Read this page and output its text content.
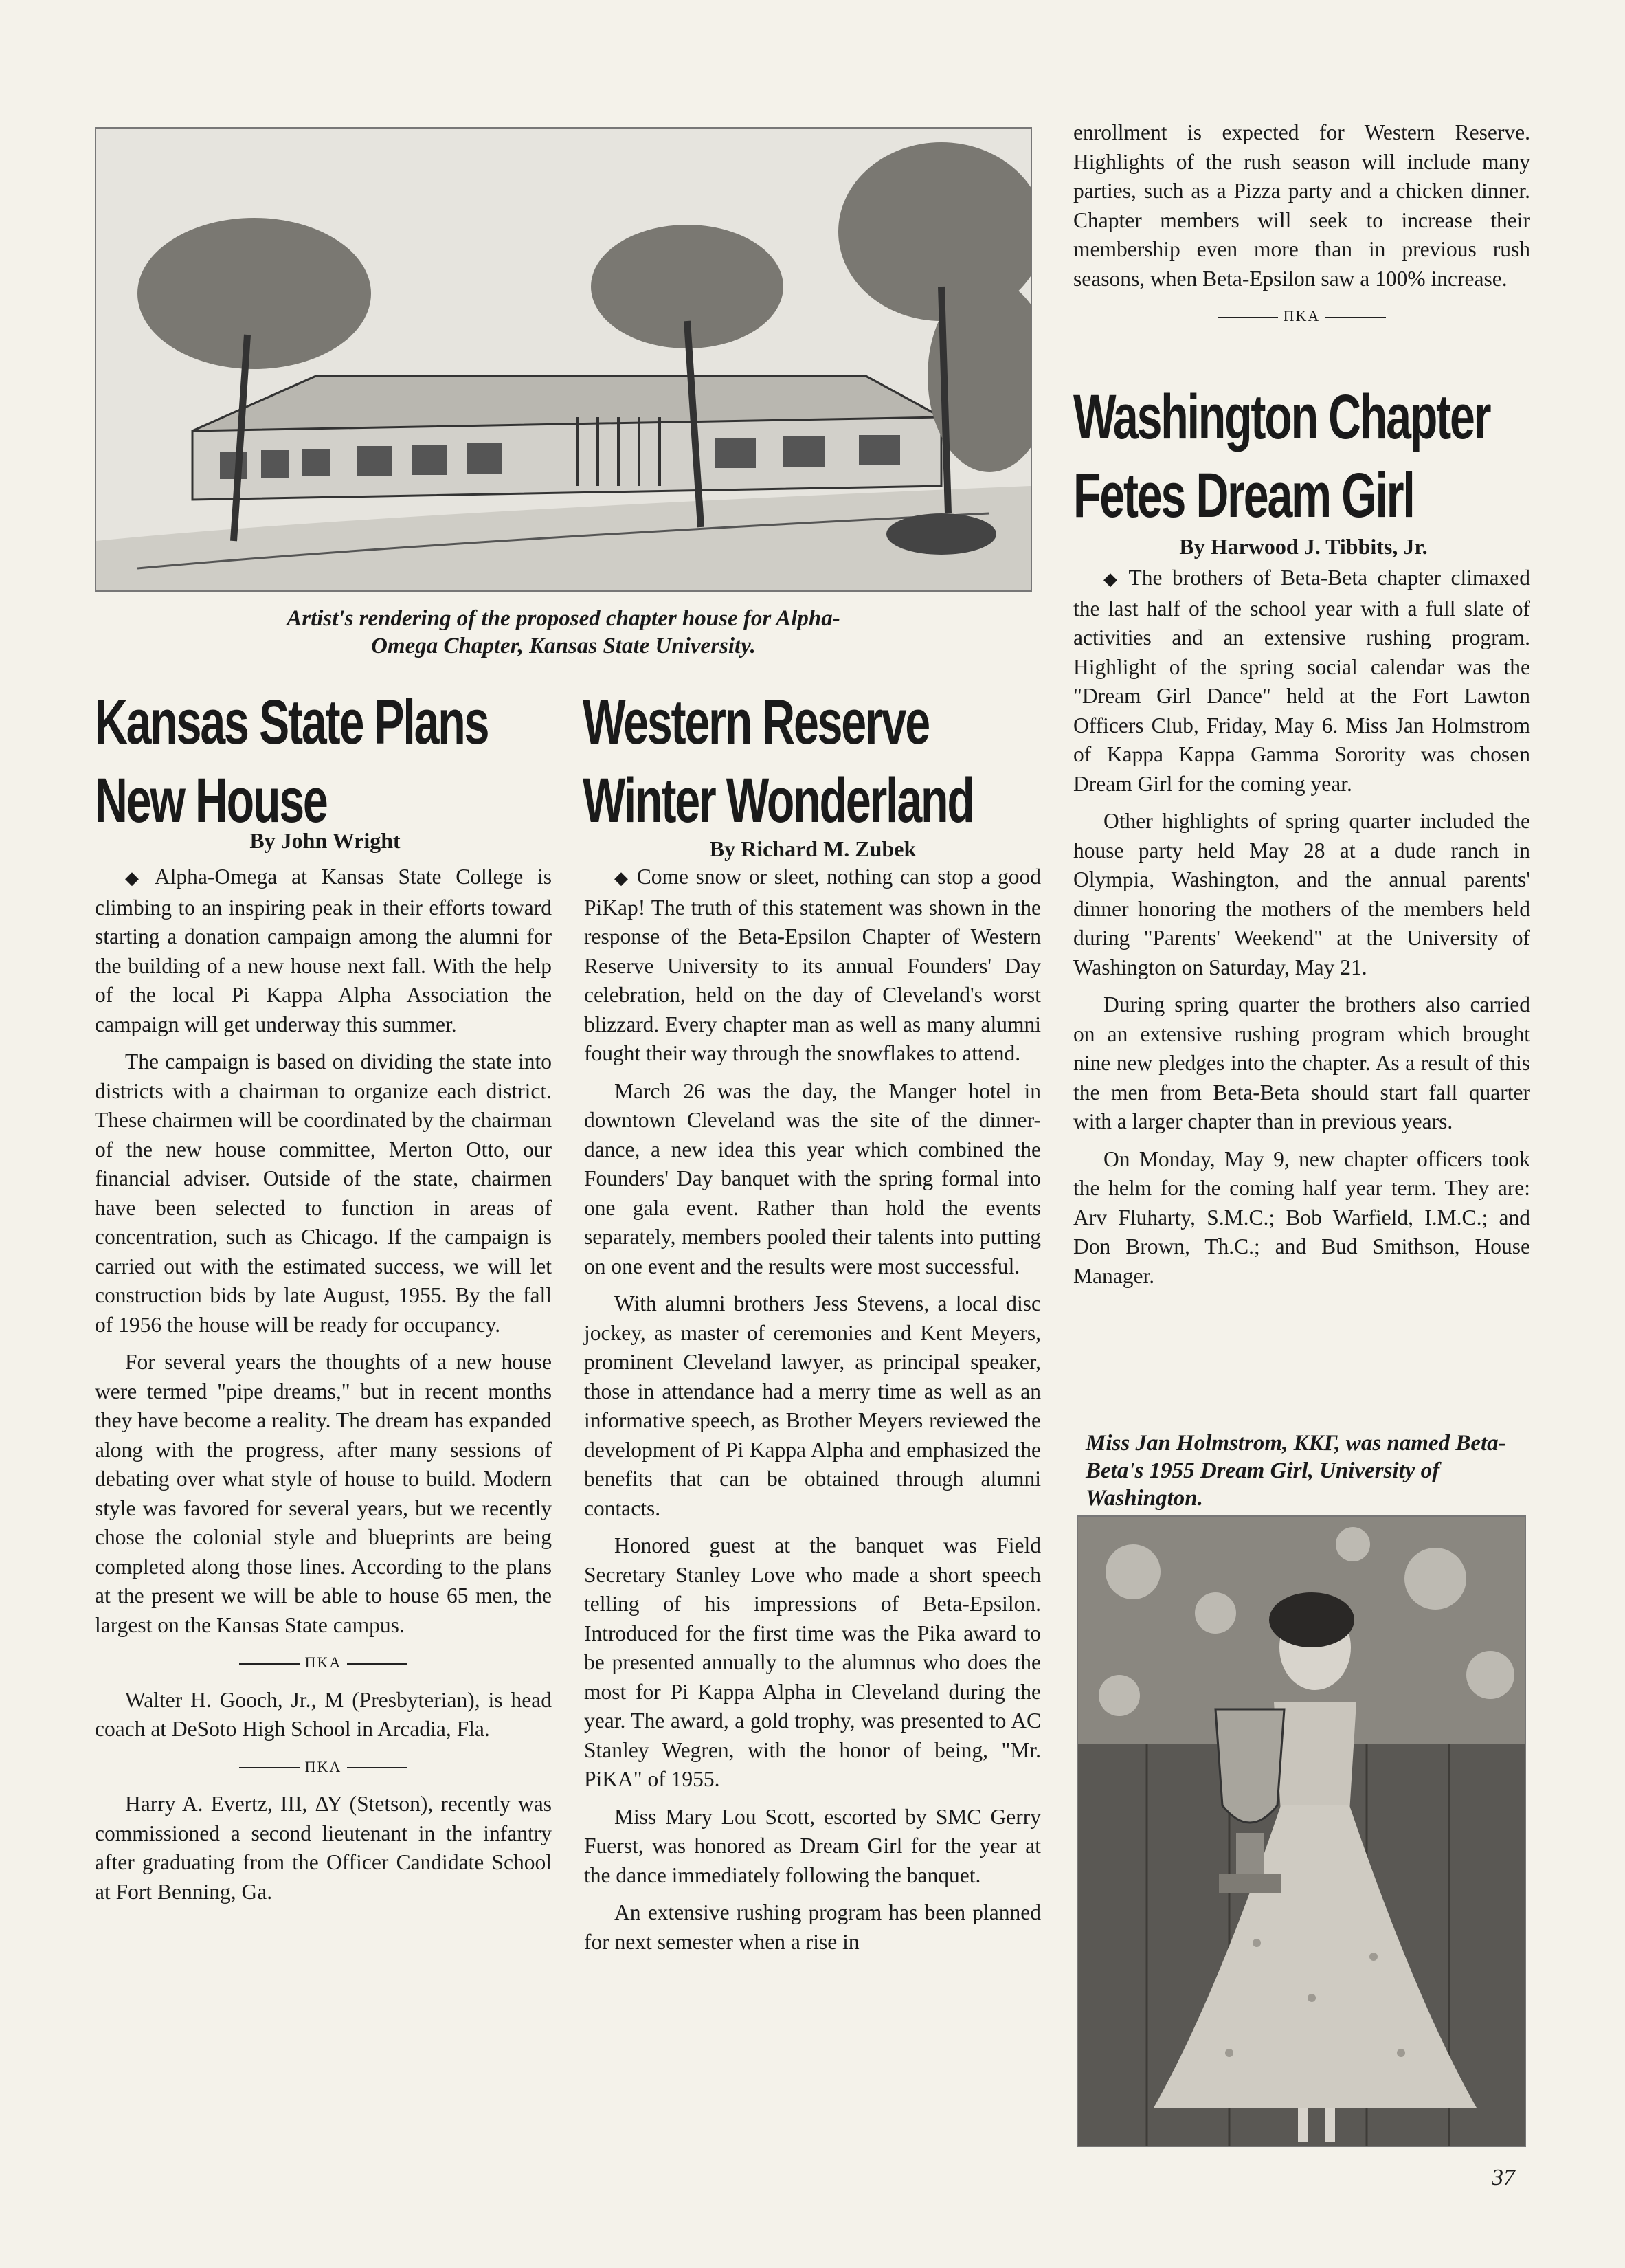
Artist's rendering of the proposed chapter house for Alpha-Omega Chapter, Kansas State University.
Kansas State Plans
New House
Western Reserve
Winter Wonderland
Washington Chapter
Fetes Dream Girl
By John Wright	By Richard M. Zubek
By Harwood J. Tibbits, Jr.

◆ Alpha-Omega at Kansas State College is climbing to an inspiring peak in their efforts toward starting a donation campaign among the alumni for the building of a new house next fall. With the help of the local Pi Kappa Alpha Association the campaign will get underway this summer.

The campaign is based on dividing the state into districts with a chairman to organize each district. These chairmen will be coordinated by the chairman of the new house committee, Merton Otto, our financial adviser. Outside of the state, chairmen have been selected to function in areas of concentration, such as Chicago. If the campaign is carried out with the estimated success, we will let construction bids by late August, 1955. By the fall of 1956 the house will be ready for occupancy.

For several years the thoughts of a new house were termed "pipe dreams," but in recent months they have become a reality. The dream has expanded along with the progress, after many sessions of debating over what style of house to build. Modern style was favored for several years, but we recently chose the colonial style and blueprints are being completed along those lines. According to the plans at the present we will be able to house 65 men, the largest on the Kansas State campus.

ΠΚΑ

Walter H. Gooch, Jr., M (Presbyterian), is head coach at DeSoto High School in Arcadia, Fla.

ΠΚΑ

Harry A. Evertz, III, ΔΥ (Stetson), recently was commissioned a second lieutenant in the infantry after graduating from the Officer Candidate School at Fort Benning, Ga.

◆ Come snow or sleet, nothing can stop a good PiKap! The truth of this statement was shown in the response of the Beta-Epsilon Chapter of Western Reserve University to its annual Founders' Day celebration, held on the day of Cleveland's worst blizzard. Every chapter man as well as many alumni fought their way through the snowflakes to attend.

March 26 was the day, the Manger hotel in downtown Cleveland was the site of the dinner-dance, a new idea this year which combined the Founders' Day banquet with the spring formal into one gala event. Rather than hold the events separately, members pooled their talents into putting on one event and the results were most successful.

With alumni brothers Jess Stevens, a local disc jockey, as master of ceremonies and Kent Meyers, prominent Cleveland lawyer, as principal speaker, those in attendance had a merry time as well as an informative speech, as Brother Meyers reviewed the development of Pi Kappa Alpha and emphasized the benefits that can be obtained through alumni contacts.

Honored guest at the banquet was Field Secretary Stanley Love who made a short speech telling of his impressions of Beta-Epsilon. Introduced for the first time was the Pika award to be presented annually to the alumnus who does the most for Pi Kappa Alpha in Cleveland during the year. The award, a gold trophy, was presented to AC Stanley Wegren, with the honor of being, "Mr. PiKA" of 1955.

Miss Mary Lou Scott, escorted by SMC Gerry Fuerst, was honored as Dream Girl for the year at the dance immediately following the banquet.

An extensive rushing program has been planned for next semester when a rise in

enrollment is expected for Western Reserve. Highlights of the rush season will include many parties, such as a Pizza party and a chicken dinner. Chapter members will seek to increase their membership even more than in previous rush seasons, when Beta-Epsilon saw a 100% increase.

ΠΚΑ

◆ The brothers of Beta-Beta chapter climaxed the last half of the school year with a full slate of activities and an extensive rushing program. Highlight of the spring social calendar was the "Dream Girl Dance" held at the Fort Lawton Officers Club, Friday, May 6. Miss Jan Holmstrom of Kappa Kappa Gamma Sorority was chosen Dream Girl for the coming year.

Other highlights of spring quarter included the house party held May 28 at a dude ranch in Olympia, Washington, and the annual parents' dinner honoring the mothers of the members held during "Parents' Weekend" at the University of Washington on Saturday, May 21.

During spring quarter the brothers also carried on an extensive rushing program which brought nine new pledges into the chapter. As a result of this the men from Beta-Beta should start fall quarter with a larger chapter than in previous years.

On Monday, May 9, new chapter officers took the helm for the coming half year term. They are: Arv Fluharty, S.M.C.; Bob Warfield, I.M.C.; and Don Brown, Th.C.; and Bud Smithson, House Manager.

Miss Jan Holmstrom, ΚΚΓ, was named Beta-Beta's 1955 Dream Girl, University of Washington.
37
